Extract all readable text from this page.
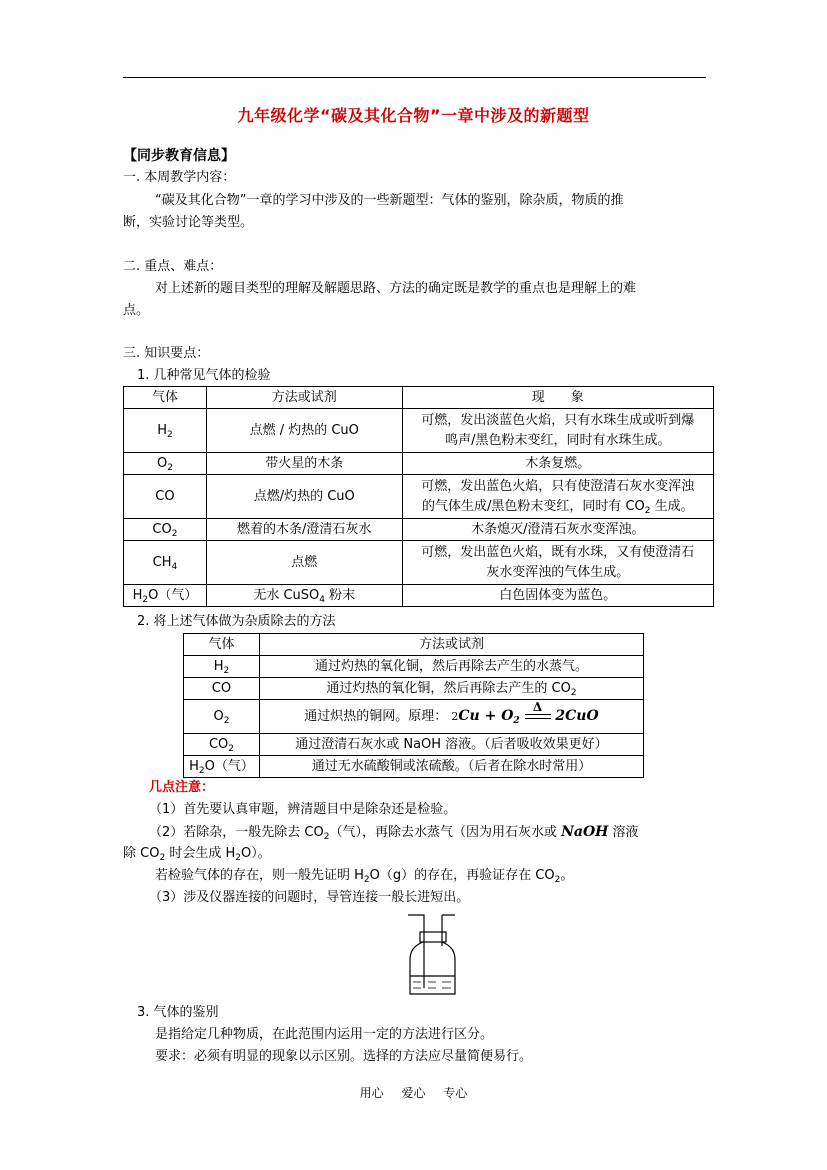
九年级化学“碳及其化合物”一章中涉及的新题型
【同步教育信息】
一. 本周教学内容：
“碳及其化合物”一章的学习中涉及的一些新题型：气体的鉴别，除杂质，物质的推
断，实验讨论等类型。
二. 重点、难点：
对上述新的题目类型的理解及解题思路、方法的确定既是教学的重点也是理解上的难
点。
三. 知识要点：
1. 几种常见气体的检验
气体	方法或试剂	现　　象
$H_2$	点燃 / 灼热的 CuO	可燃，发出淡蓝色火焰，只有水珠生成或听到爆
鸣声/黑色粉末变红，同时有水珠生成。

$O_2$	带火星的木条	木条复燃。
CO	点燃/灼热的 CuO	可燃，发出蓝色火焰，只有使澄清石灰水变浑浊
的气体生成/黑色粉末变红，同时有 $CO_2$ 生成。

$CO_2$	燃着的木条/澄清石灰水	木条熄灭/澄清石灰水变浑浊。
$CH_4$	点燃	可燃，发出蓝色火焰，既有水珠，又有使澄清石
灰水变浑浊的气体生成。

$H_2O$（气）	无水 CuSO$_4$ 粉末	白色固体变为蓝色。
2. 将上述气体做为杂质除去的方法
气体	方法或试剂
$H_2$	通过灼热的氧化铜，然后再除去产生的水蒸气。
CO	通过灼热的氧化铜，然后再除去产生的 $CO_2$
$O_2$	通过炽热的铜网。原理： $2Cu + O_2$
Δ
2CuO
$CO_2$	通过澄清石灰水或 NaOH 溶液。（后者吸收效果更好）
$H_2O$（气）	通过无水硫酸铜或浓硫酸。（后者在除水时常用）
几点注意：
（1）首先要认真审题，辨清题目中是除杂还是检验。
（2）若除杂，一般先除去 $CO_2$（气），再除去水蒸气（因为用石灰水或 NaOH 溶液
除 $CO_2$ 时会生成 $H_2O$）。
若检验气体的存在，则一般先证明 $H_2O(g)$的存在，再验证存在 $CO_2$。
（3）涉及仪器连接的问题时，导管连接一般长进短出。
3. 气体的鉴别
是指给定几种物质，在此范围内运用一定的方法进行区分。
要求：必须有明显的现象以示区别。选择的方法应尽量简便易行。
用心 爱心 专心
